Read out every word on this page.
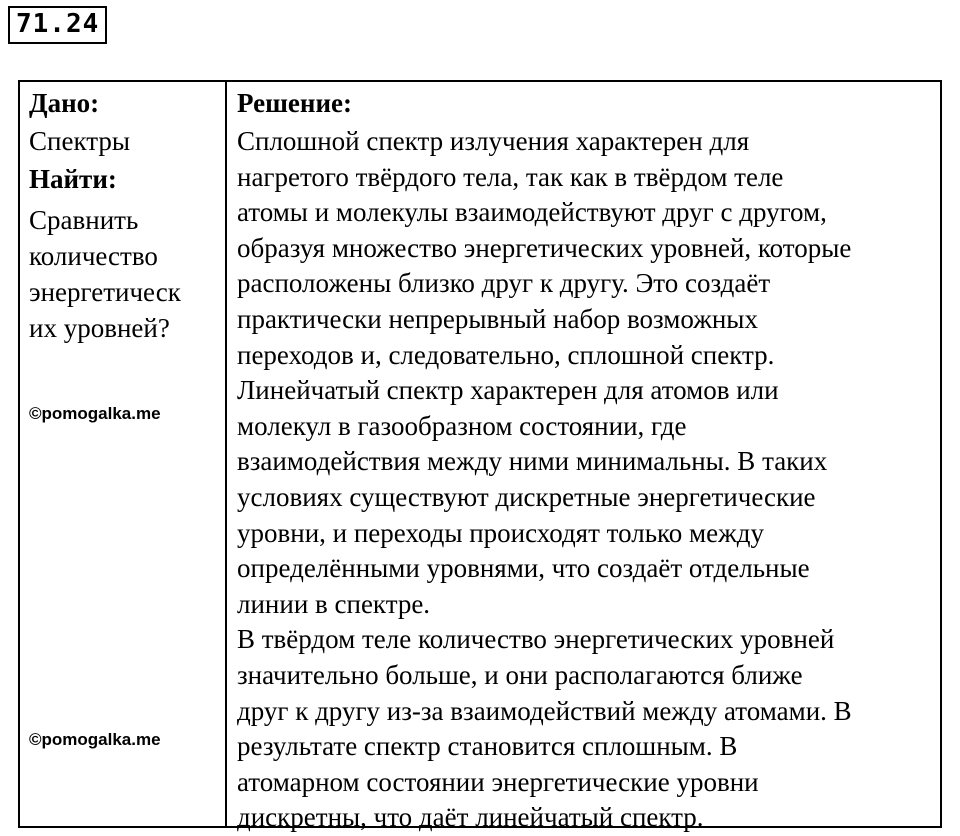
71.24
Дано:
Спектры
Найти:
Сравнить
количество
энергетическ
их уровней?
©pomogalka.me
©pomogalka.me
Решение:

Сплошной спектр излучения характерен для
нагретого твёрдого тела, так как в твёрдом теле
атомы и молекулы взаимодействуют друг с другом,
образуя множество энергетических уровней, которые
расположены близко друг к другу. Это создаёт
практически непрерывный набор возможных
переходов и, следовательно, сплошной спектр.

Линейчатый спектр характерен для атомов или
молекул в газообразном состоянии, где
взаимодействия между ними минимальны. В таких
условиях существуют дискретные энергетические
уровни, и переходы происходят только между
определёнными уровнями, что создаёт отдельные
линии в спектре.

В твёрдом теле количество энергетических уровней
значительно больше, и они располагаются ближе
друг к другу из-за взаимодействий между атомами. В
результате спектр становится сплошным. В
атомарном состоянии энергетические уровни
дискретны, что даёт линейчатый спектр.
